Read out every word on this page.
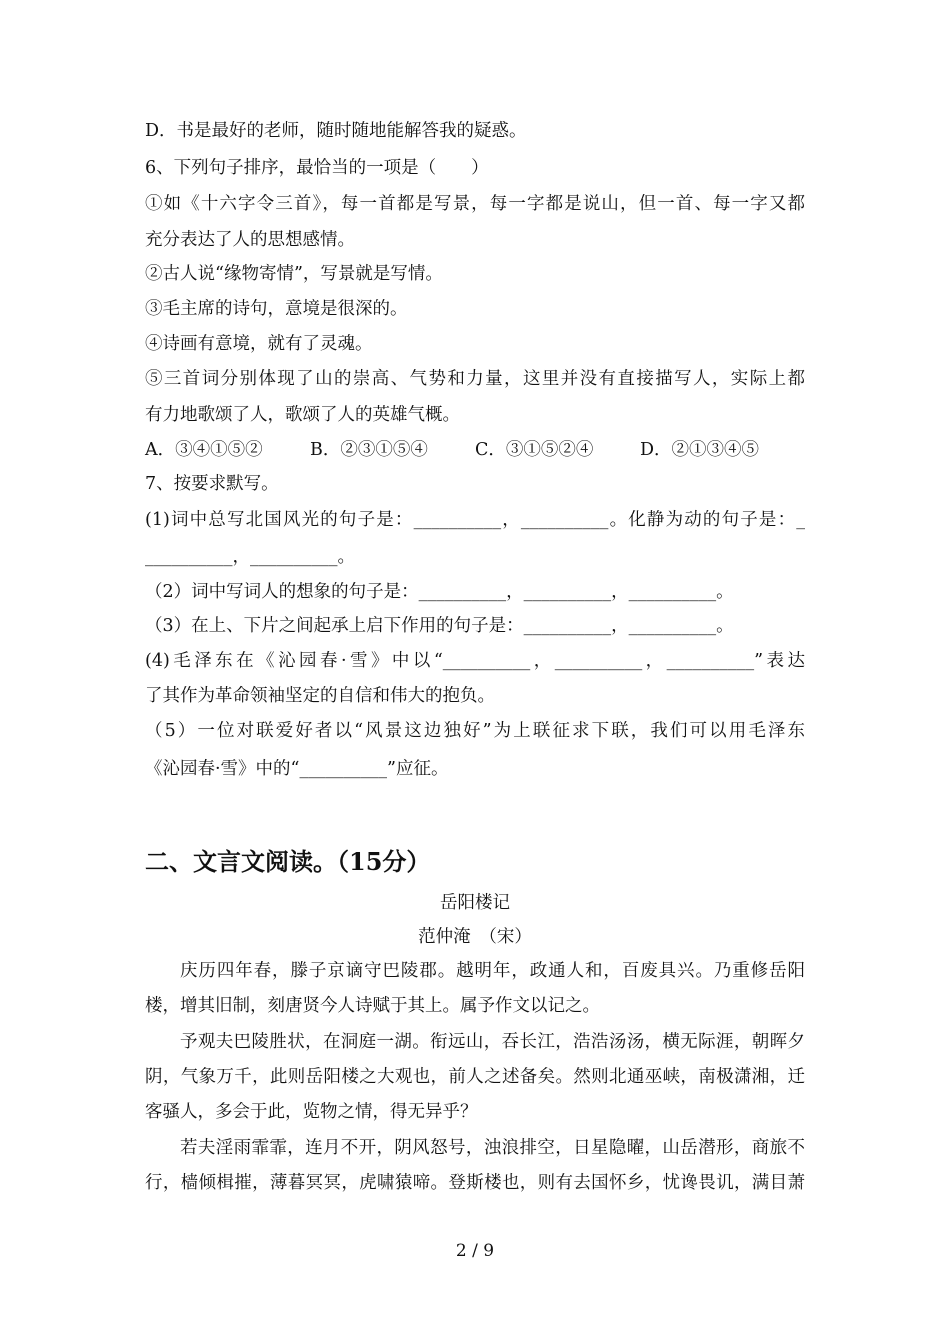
D．书是最好的老师，随时随地能解答我的疑惑。
6、下列句子排序，最恰当的一项是（　　）
①如《十六字令三首》，每一首都是写景，每一字都是说山，但一首、每一字又都
充分表达了人的思想感情。
②古人说“缘物寄情”，写景就是写情。
③毛主席的诗句，意境是很深的。
④诗画有意境，就有了灵魂。
⑤三首词分别体现了山的崇高、气势和力量，这里并没有直接描写人，实际上都
有力地歌颂了人，歌颂了人的英雄气概。
A．③④①⑤②	B．②③①⑤④	C．③①⑤②④	D．②①③④⑤
7、按要求默写。
(1)词中总写北国风光的句子是：__________，__________。化静为动的句子是：_
__________，__________。
（2）词中写词人的想象的句子是：__________，__________，__________。
（3）在上、下片之间起承上启下作用的句子是：__________，__________。
(4)毛泽东在《沁园春·雪》中以“__________，__________，__________”表达
了其作为革命领袖坚定的自信和伟大的抱负。
（5）一位对联爱好者以“风景这边独好”为上联征求下联，我们可以用毛泽东
《沁园春·雪》中的“__________”应征。
二、文言文阅读。（15分）
岳阳楼记
范仲淹　（宋）
庆历四年春，滕子京谪守巴陵郡。越明年，政通人和，百废具兴。乃重修岳阳
楼，增其旧制，刻唐贤今人诗赋于其上。属予作文以记之。
予观夫巴陵胜状，在洞庭一湖。衔远山，吞长江，浩浩汤汤，横无际涯，朝晖夕
阴，气象万千，此则岳阳楼之大观也，前人之述备矣。然则北通巫峡，南极潇湘，迁
客骚人，多会于此，览物之情，得无异乎？
若夫淫雨霏霏，连月不开，阴风怒号，浊浪排空，日星隐曜，山岳潜形，商旅不
行，樯倾楫摧，薄暮冥冥，虎啸猿啼。登斯楼也，则有去国怀乡，忧谗畏讥，满目萧
2 / 9
